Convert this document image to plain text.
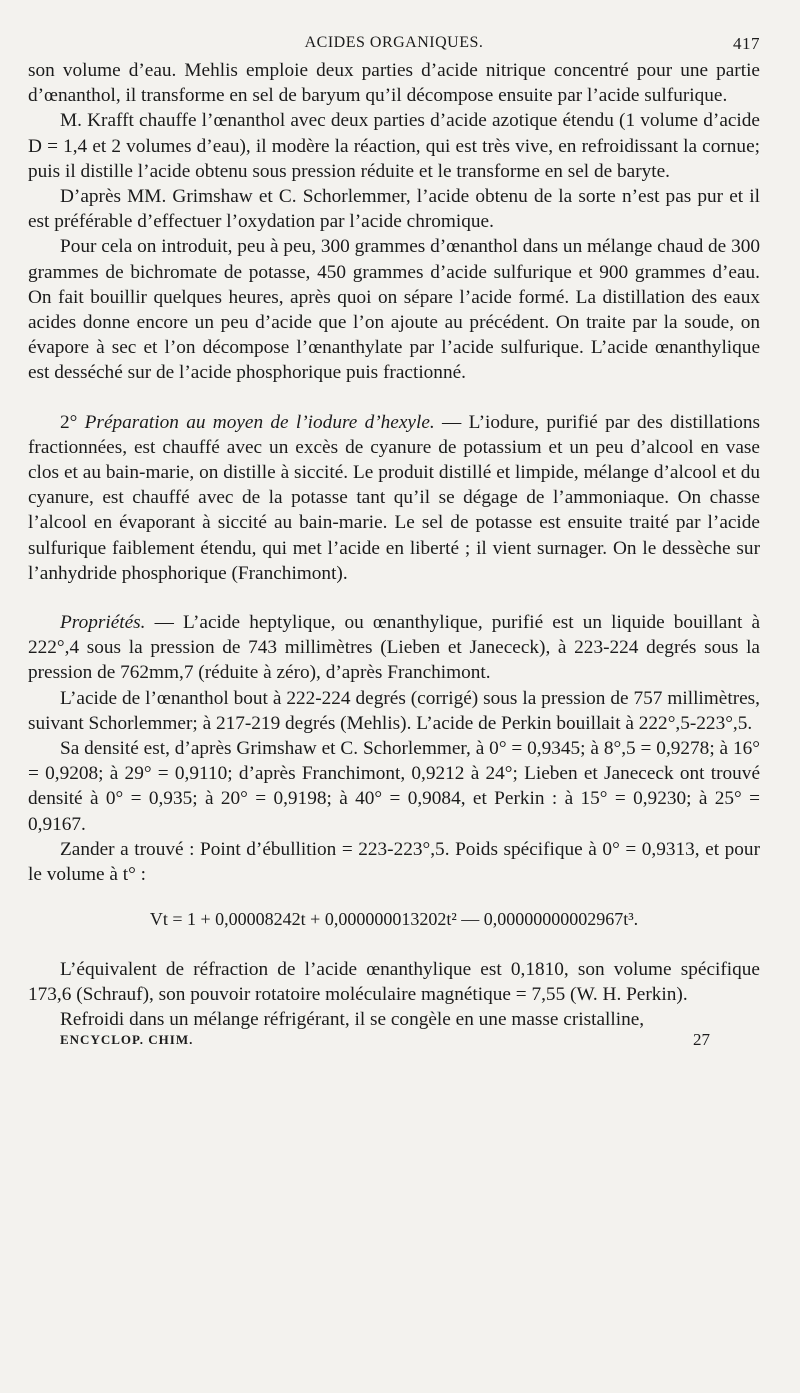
ACIDES ORGANIQUES.	417

son volume d’eau. Mehlis emploie deux parties d’acide nitrique concentré pour une partie d’œnanthol, il transforme en sel de baryum qu’il décompose ensuite par l’acide sulfurique.

M. Krafft chauffe l’œnanthol avec deux parties d’acide azotique étendu (1 volume d’acide D = 1,4 et 2 volumes d’eau), il modère la réaction, qui est très vive, en refroidissant la cornue; puis il distille l’acide obtenu sous pression réduite et le transforme en sel de baryte.

D’après MM. Grimshaw et C. Schorlemmer, l’acide obtenu de la sorte n’est pas pur et il est préférable d’effectuer l’oxydation par l’acide chromique.

Pour cela on introduit, peu à peu, 300 grammes d’œnanthol dans un mélange chaud de 300 grammes de bichromate de potasse, 450 grammes d’acide sulfurique et 900 grammes d’eau. On fait bouillir quelques heures, après quoi on sépare l’acide formé. La distillation des eaux acides donne encore un peu d’acide que l’on ajoute au précédent. On traite par la soude, on évapore à sec et l’on décompose l’œnanthylate par l’acide sulfurique. L’acide œnanthylique est desséché sur de l’acide phosphorique puis fractionné.

2° Préparation au moyen de l’iodure d’hexyle. — L’iodure, purifié par des distillations fractionnées, est chauffé avec un excès de cyanure de potassium et un peu d’alcool en vase clos et au bain-marie, on distille à siccité. Le produit distillé et limpide, mélange d’alcool et du cyanure, est chauffé avec de la potasse tant qu’il se dégage de l’ammoniaque. On chasse l’alcool en évaporant à siccité au bain-marie. Le sel de potasse est ensuite traité par l’acide sulfurique faiblement étendu, qui met l’acide en liberté ; il vient surnager. On le dessèche sur l’anhydride phosphorique (Franchimont).

Propriétés. — L’acide heptylique, ou œnanthylique, purifié est un liquide bouillant à 222°,4 sous la pression de 743 millimètres (Lieben et Janececk), à 223-224 degrés sous la pression de 762mm,7 (réduite à zéro), d’après Franchimont.

L’acide de l’œnanthol bout à 222-224 degrés (corrigé) sous la pression de 757 millimètres, suivant Schorlemmer; à 217-219 degrés (Mehlis). L’acide de Perkin bouillait à 222°,5-223°,5.

Sa densité est, d’après Grimshaw et C. Schorlemmer, à 0° = 0,9345; à 8°,5 = 0,9278; à 16° = 0,9208; à 29° = 0,9110; d’après Franchimont, 0,9212 à 24°; Lieben et Janececk ont trouvé densité à 0° = 0,935; à 20° = 0,9198; à 40° = 0,9084, et Perkin : à 15° = 0,9230; à 25° = 0,9167.

Zander a trouvé : Point d’ébullition = 223-223°,5. Poids spécifique à 0° = 0,9313, et pour le volume à t° :

Vt = 1 + 0,00008242t + 0,000000013202t² — 0,00000000002967t³.

L’équivalent de réfraction de l’acide œnanthylique est 0,1810, son volume spécifique 173,6 (Schrauf), son pouvoir rotatoire moléculaire magnétique = 7,55 (W. H. Perkin).

Refroidi dans un mélange réfrigérant, il se congèle en une masse cristalline,

ENCYCLOP. CHIM.	27
